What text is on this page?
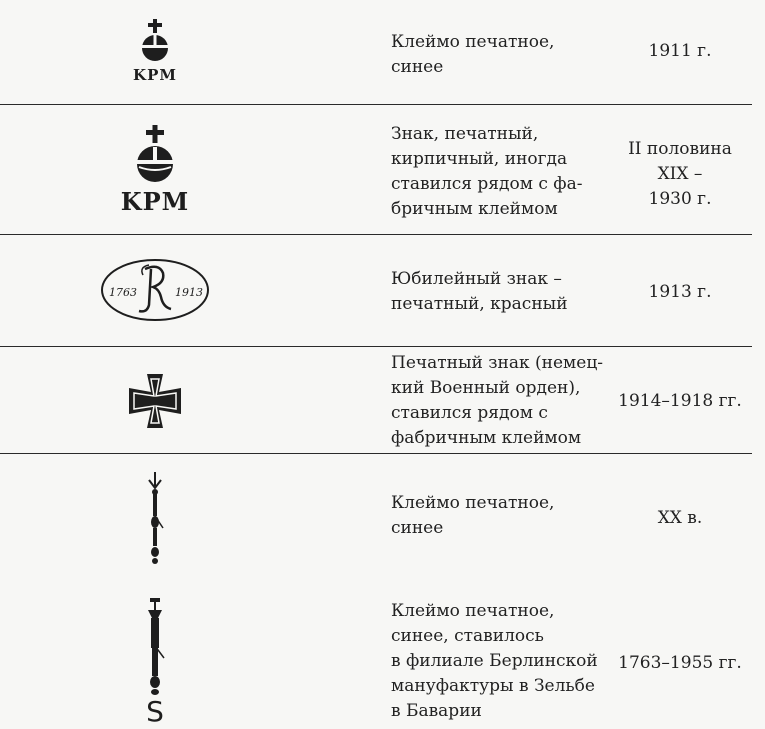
KPM
Клеймо печатное,
синее
1911 г.
KPM
Знак, печатный,
кирпичный, иногда
ставился рядом с фа-
бричным клеймом
II половина
XIX –
1930 г.
1763	1913
Юбилейный знак –
печатный, красный
1913 г.
Печатный знак (немец-
кий Военный орден),
ставился рядом с
фабричным клеймом
1914–1918 гг.
Клеймо печатное,
синее	XX в.
S
Клеймо печатное,
синее, ставилось
в филиале Берлинской
мануфактуры в Зельбе
в Баварии
1763–1955 гг.
